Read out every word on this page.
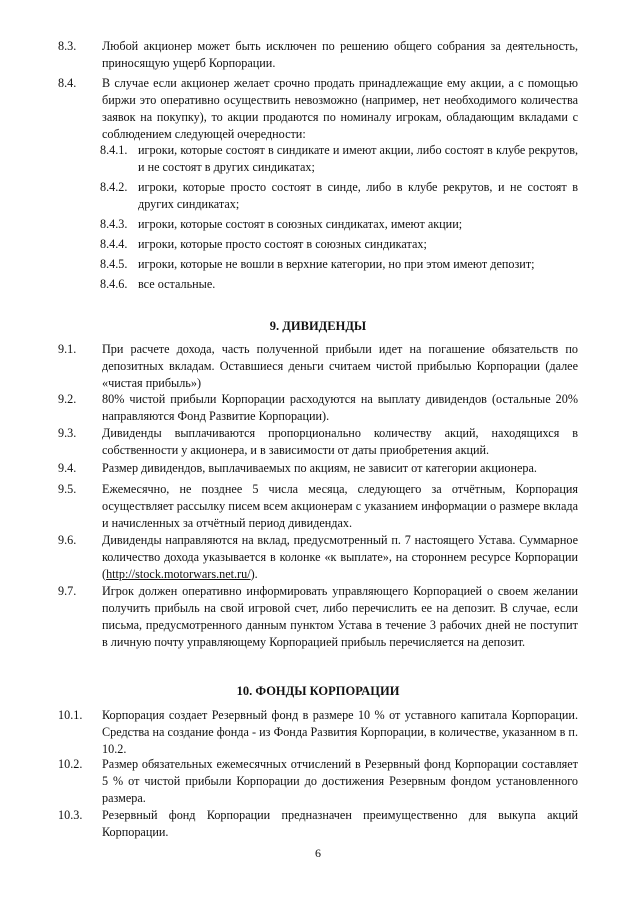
8.3. Любой акционер может быть исключен по решению общего собрания за деятельность, приносящую ущерб Корпорации.
8.4. В случае если акционер желает срочно продать принадлежащие ему акции, а с помощью биржи это оперативно осуществить невозможно (например, нет необходимого количества заявок на покупку), то акции продаются по номиналу игрокам, обладающим вкладами с соблюдением следующей очередности:
8.4.1. игроки, которые состоят в синдикате и имеют акции, либо состоят в клубе рекрутов, и не состоят в других синдикатах;
8.4.2. игроки, которые просто состоят в синде, либо в клубе рекрутов, и не состоят в других синдикатах;
8.4.3. игроки, которые состоят в союзных синдикатах, имеют акции;
8.4.4. игроки, которые просто состоят в союзных синдикатах;
8.4.5. игроки, которые не вошли в верхние категории, но при этом имеют депозит;
8.4.6. все остальные.
9. ДИВИДЕНДЫ
9.1. При расчете дохода, часть полученной прибыли идет на погашение обязательств по депозитных вкладам. Оставшиеся деньги считаем чистой прибылью Корпорации (далее «чистая прибыль»)
9.2. 80% чистой прибыли Корпорации расходуются на выплату дивидендов (остальные 20% направляются Фонд Развитие Корпорации).
9.3. Дивиденды выплачиваются пропорционально количеству акций, находящихся в собственности у акционера, и в зависимости от даты приобретения акций.
9.4. Размер дивидендов, выплачиваемых по акциям, не зависит от категории акционера.
9.5. Ежемесячно, не позднее 5 числа месяца, следующего за отчётным, Корпорация осуществляет рассылку писем всем акционерам с указанием информации о размере вклада и начисленных за отчётный период дивидендах.
9.6. Дивиденды направляются на вклад, предусмотренный п. 7 настоящего Устава. Суммарное количество дохода указывается в колонке «к выплате», на стороннем ресурсе Корпорации (http://stock.motorwars.net.ru/).
9.7. Игрок должен оперативно информировать управляющего Корпорацией о своем желании получить прибыль на свой игровой счет, либо перечислить ее на депозит. В случае, если письма, предусмотренного данным пунктом Устава в течение 3 рабочих дней не поступит в личную почту управляющему Корпорацией прибыль перечисляется на депозит.
10. ФОНДЫ КОРПОРАЦИИ
10.1. Корпорация создает Резервный фонд в размере 10 % от уставного капитала Корпорации. Средства на создание фонда - из Фонда Развития Корпорации, в количестве, указанном в п. 10.2.
10.2. Размер обязательных ежемесячных отчислений в Резервный фонд Корпорации составляет 5 % от чистой прибыли Корпорации до достижения Резервным фондом установленного размера.
10.3. Резервный фонд Корпорации предназначен преимущественно для выкупа акций Корпорации.
6
